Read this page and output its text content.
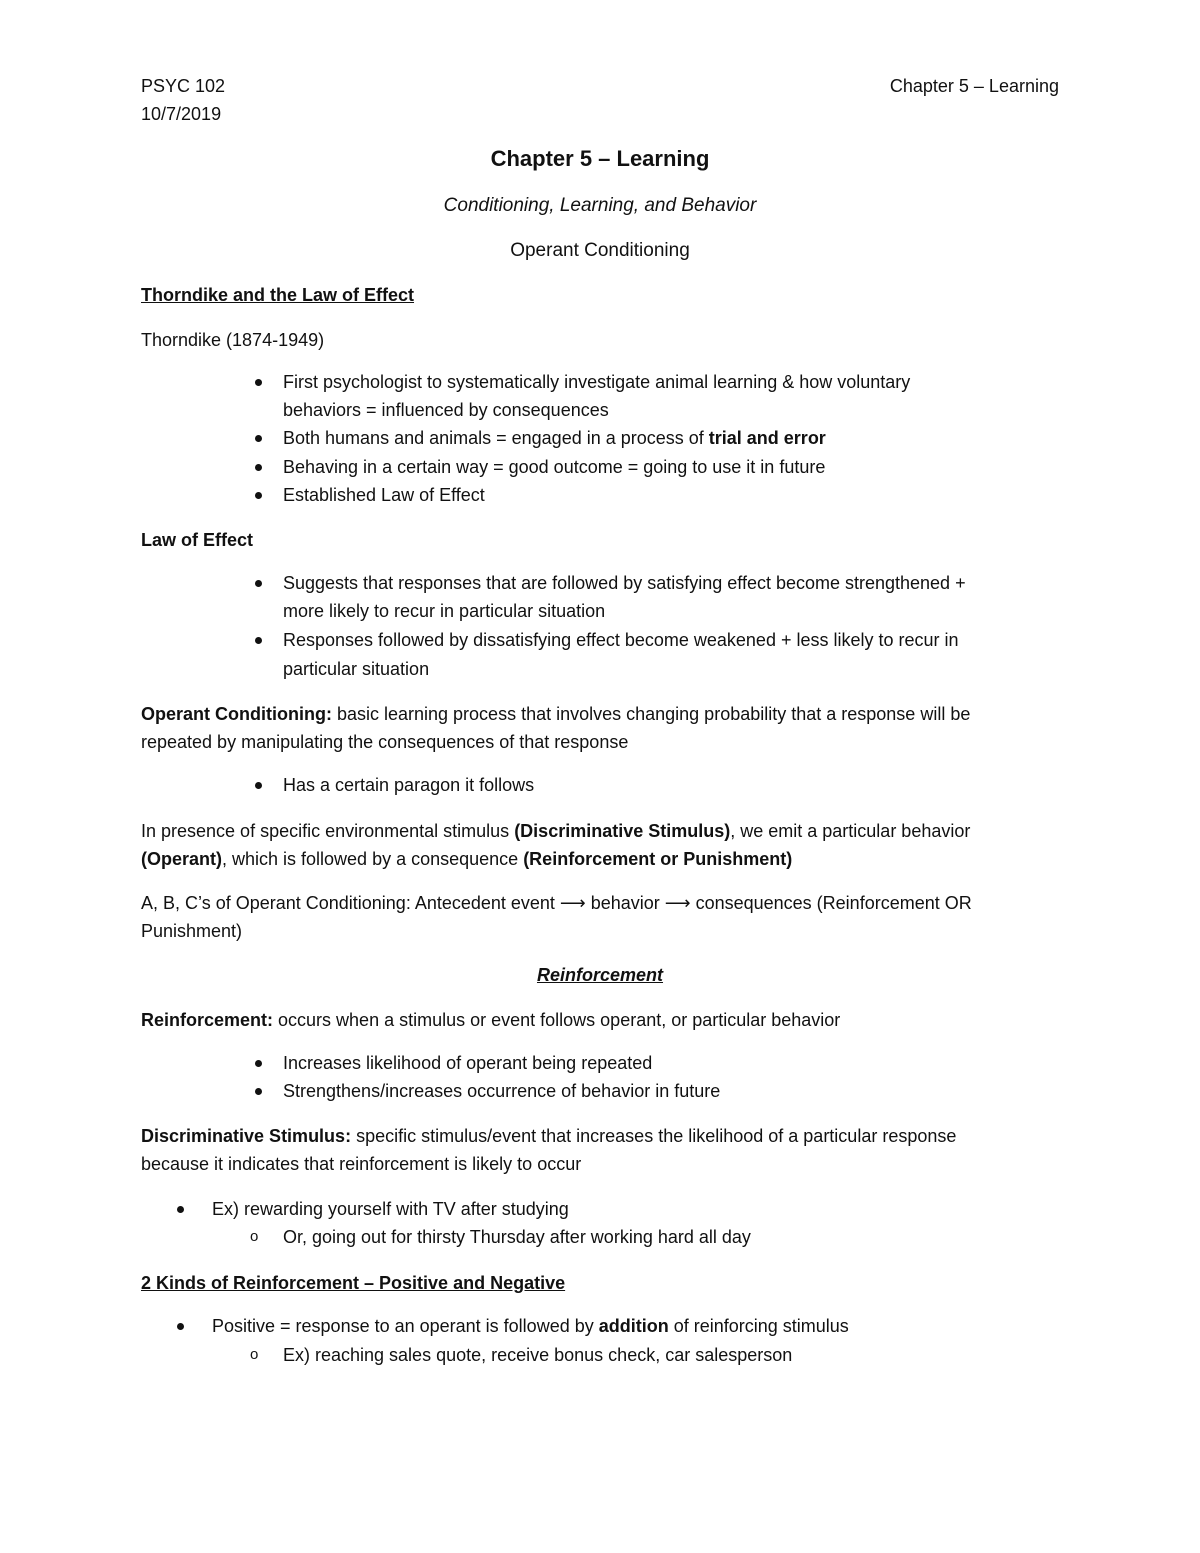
PSYC 102
10/7/2019
Chapter 5 – Learning
Chapter 5 – Learning
Conditioning, Learning, and Behavior
Operant Conditioning
Thorndike and the Law of Effect
Thorndike (1874-1949)
First psychologist to systematically investigate animal learning & how voluntary
behaviors = influenced by consequences
Both humans and animals = engaged in a process of trial and error
Behaving in a certain way = good outcome = going to use it in future
Established Law of Effect
Law of Effect
Suggests that responses that are followed by satisfying effect become strengthened +
more likely to recur in particular situation
Responses followed by dissatisfying effect become weakened + less likely to recur in
particular situation
Operant Conditioning: basic learning process that involves changing probability that a response will be
repeated by manipulating the consequences of that response
Has a certain paragon it follows
In presence of specific environmental stimulus (Discriminative Stimulus), we emit a particular behavior
(Operant), which is followed by a consequence (Reinforcement or Punishment)
A, B, C’s of Operant Conditioning: Antecedent event ⟶ behavior ⟶ consequences (Reinforcement OR
Punishment)
Reinforcement
Reinforcement: occurs when a stimulus or event follows operant, or particular behavior
Increases likelihood of operant being repeated
Strengthens/increases occurrence of behavior in future
Discriminative Stimulus: specific stimulus/event that increases the likelihood of a particular response
because it indicates that reinforcement is likely to occur
Ex) rewarding yourself with TV after studying
o Or, going out for thirsty Thursday after working hard all day
2 Kinds of Reinforcement – Positive and Negative
Positive = response to an operant is followed by addition of reinforcing stimulus
o Ex) reaching sales quote, receive bonus check, car salesperson
